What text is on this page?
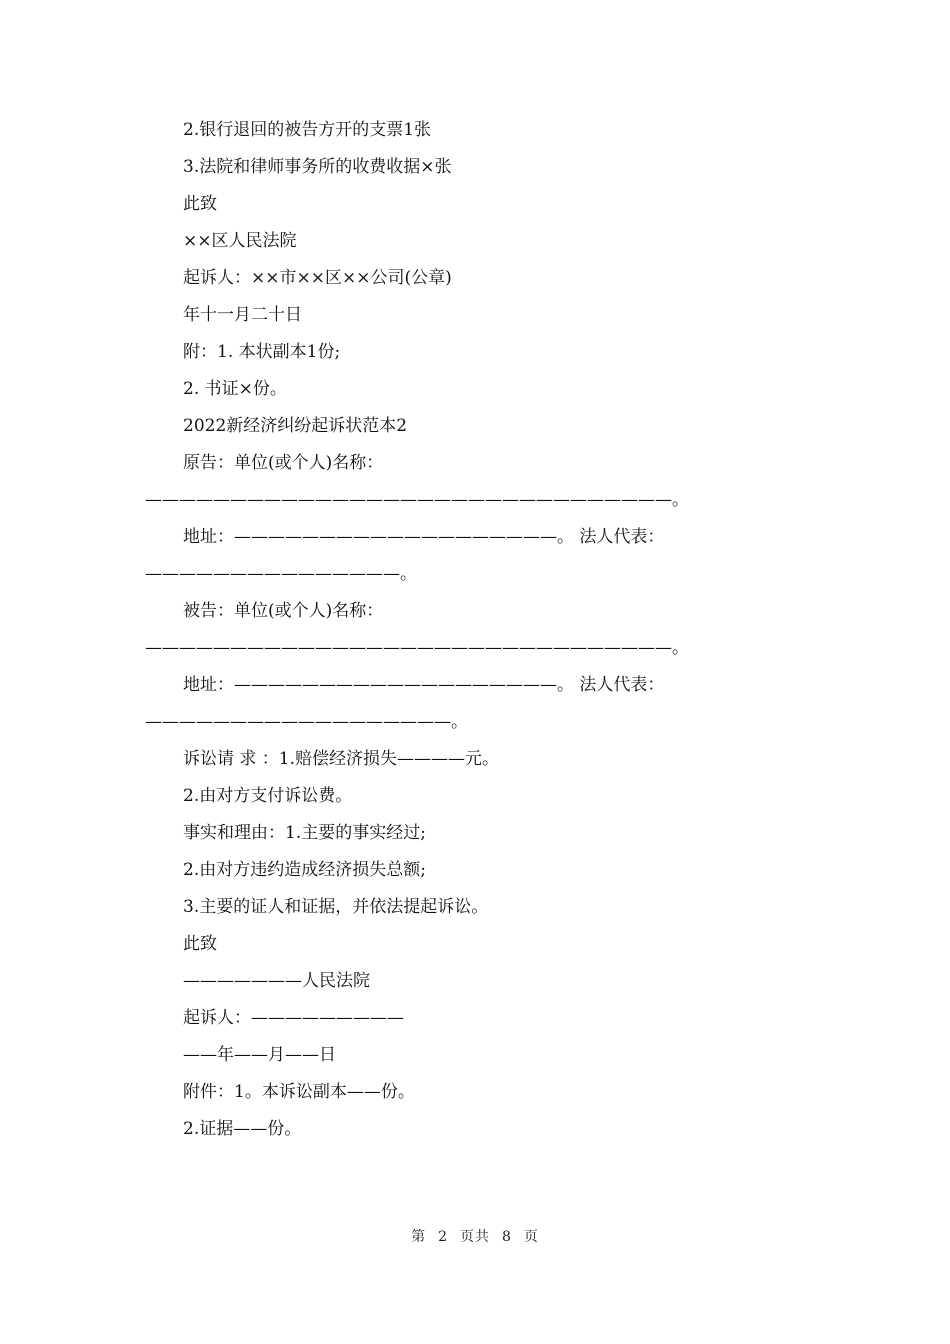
2.银行退回的被告方开的支票1张

3.法院和律师事务所的收费收据×张

此致

××区人民法院

起诉人：××市××区××公司(公章)

年十一月二十日

附：1. 本状副本1份;

2. 书证×份。

2022新经济纠纷起诉状范本2

原告：单位(或个人)名称：———————————————————————————————。

地址：———————————————————。 法人代表：———————————————。

被告：单位(或个人)名称：———————————————————————————————。

地址：———————————————————。 法人代表：——————————————————。

诉讼请 求 ：1.赔偿经济损失————元。

2.由对方支付诉讼费。

事实和理由：1.主要的事实经过;

2.由对方违约造成经济损失总额;

3.主要的证人和证据，并依法提起诉讼。

此致

———————人民法院

起诉人：—————————

——年——月——日

附件：1。本诉讼副本——份。

2.证据——份。

第 2 页共 8 页
